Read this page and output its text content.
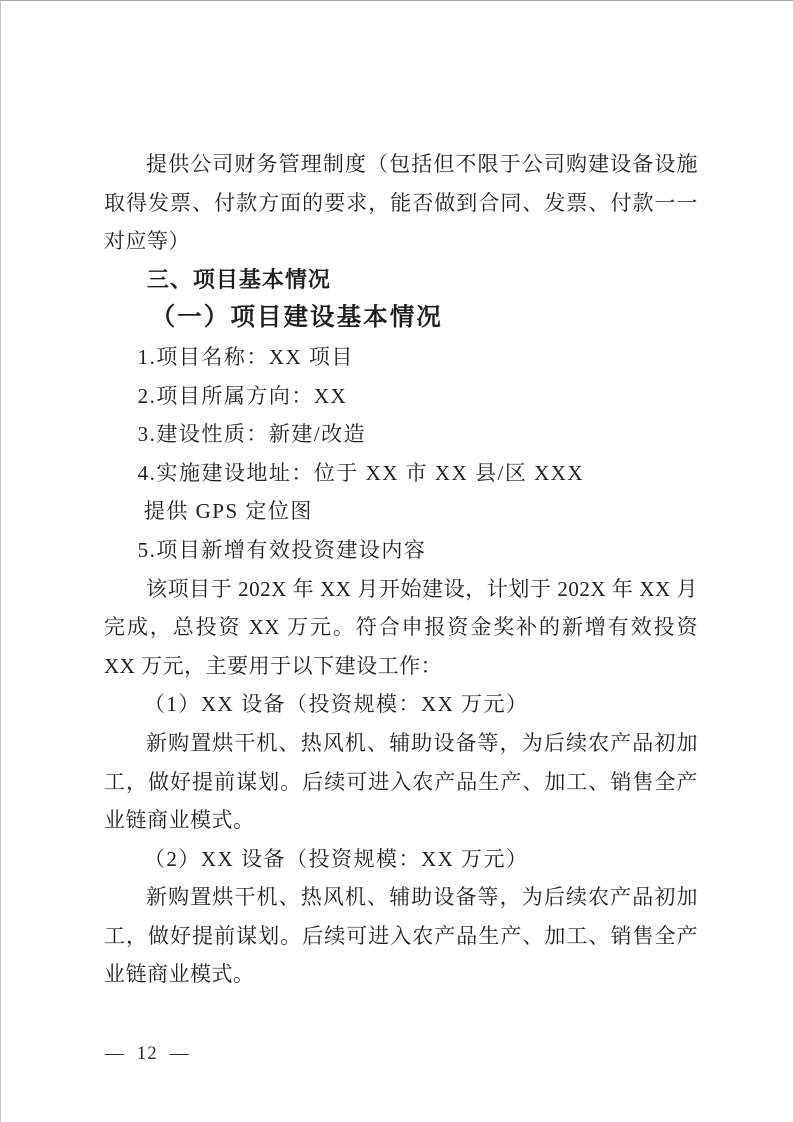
提供公司财务管理制度（包括但不限于公司购建设备设施取得发票、付款方面的要求，能否做到合同、发票、付款一一对应等）

三、项目基本情况
（一）项目建设基本情况

1.项目名称：XX 项目

2.项目所属方向：XX

3.建设性质：新建/改造

4.实施建设地址：位于 XX 市 XX 县/区 XXX

提供 GPS 定位图

5.项目新增有效投资建设内容

该项目于 202X 年 XX 月开始建设，计划于 202X 年 XX 月完成，总投资 XX 万元。符合申报资金奖补的新增有效投资 XX 万元，主要用于以下建设工作：

（1）XX 设备（投资规模：XX 万元）

新购置烘干机、热风机、辅助设备等，为后续农产品初加工，做好提前谋划。后续可进入农产品生产、加工、销售全产业链商业模式。

（2）XX 设备（投资规模：XX 万元）

新购置烘干机、热风机、辅助设备等，为后续农产品初加工，做好提前谋划。后续可进入农产品生产、加工、销售全产业链商业模式。

— 12 —
